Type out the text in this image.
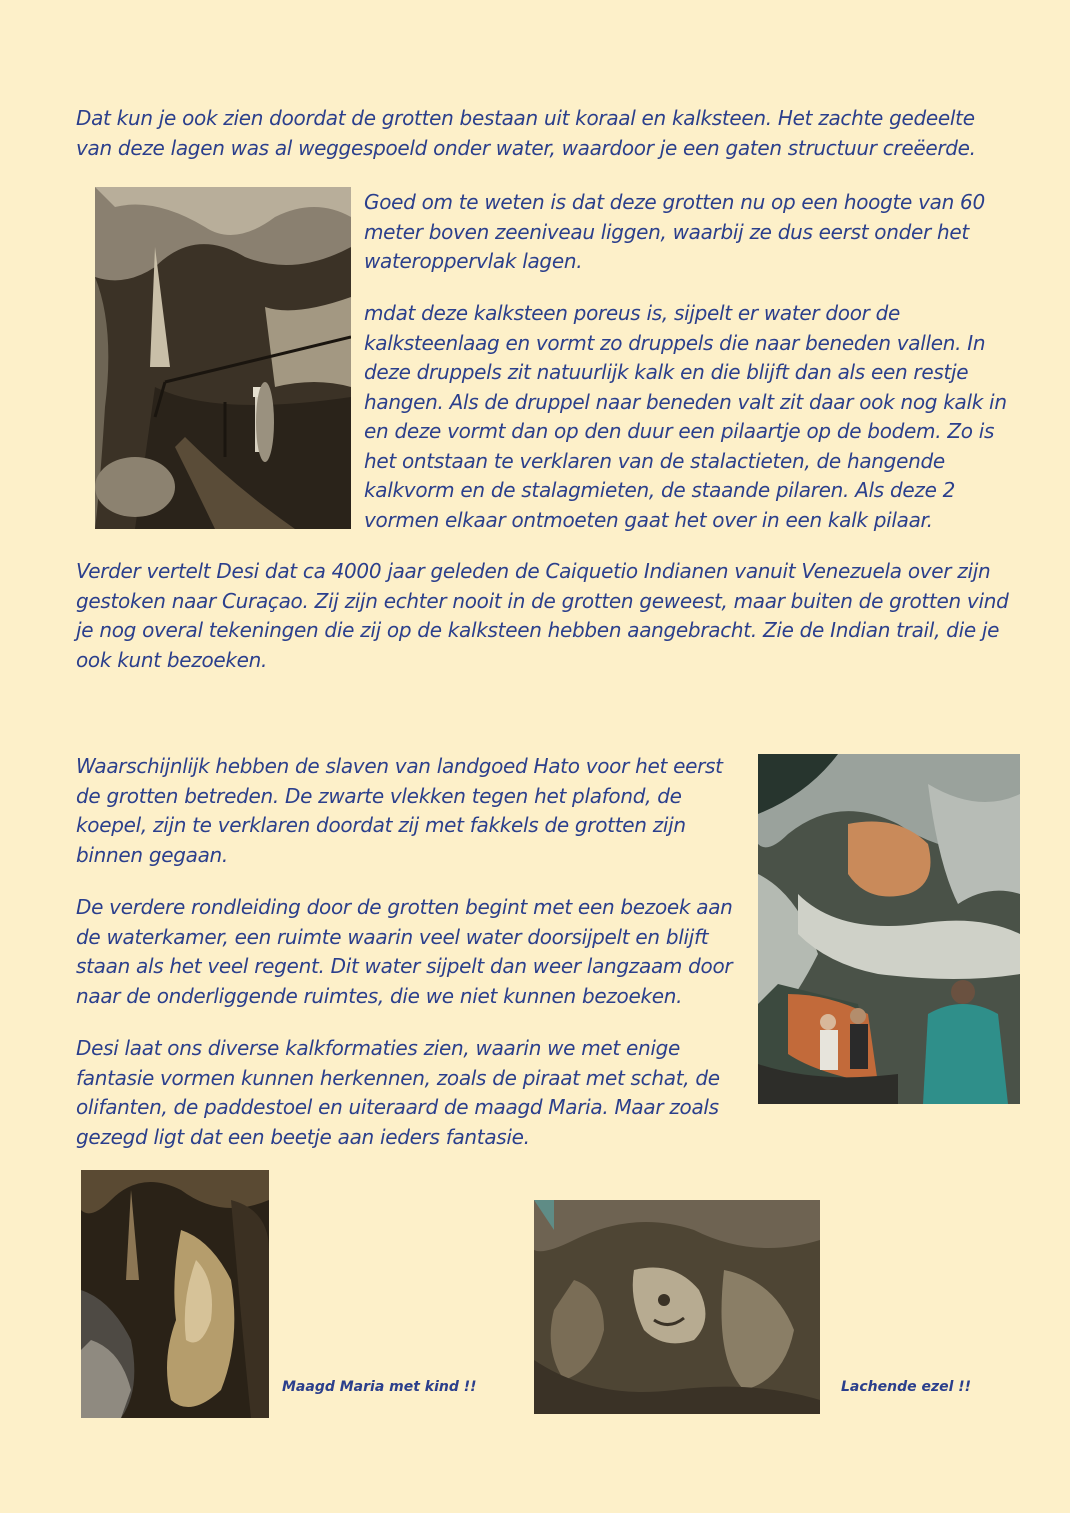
Dat kun je ook zien doordat de grotten bestaan uit koraal en kalksteen. Het zachte gedeelte van deze lagen was al weggespoeld onder water, waardoor je een gaten structuur creëerde.

Goed om te weten is dat deze grotten nu op een hoogte van 60 meter boven zeeniveau liggen, waarbij ze dus eerst onder het wateroppervlak lagen.

mdat deze kalksteen poreus is, sijpelt er water door de kalksteenlaag en vormt zo druppels die naar beneden vallen. In deze druppels zit natuurlijk kalk en die blijft dan als een restje hangen. Als de druppel naar beneden valt zit daar ook nog kalk in en deze vormt dan op den duur een pilaartje op de bodem. Zo is het ontstaan te verklaren van de stalactieten, de hangende kalkvorm en de stalagmieten, de staande pilaren. Als deze 2 vormen elkaar ontmoeten gaat het over in een kalk pilaar.

Verder vertelt Desi dat ca 4000 jaar geleden de Caiquetio Indianen vanuit Venezuela over zijn gestoken naar Curaçao. Zij zijn echter nooit in de grotten geweest, maar buiten de grotten vind je nog overal tekeningen die zij op de kalksteen hebben aangebracht. Zie de Indian trail, die je ook kunt bezoeken.

Waarschijnlijk hebben de slaven van landgoed Hato voor het eerst de grotten betreden. De zwarte vlekken tegen het plafond, de koepel, zijn te verklaren doordat zij met fakkels de grotten zijn binnen gegaan.

De verdere rondleiding door de grotten begint met een bezoek aan de waterkamer, een ruimte waarin veel water doorsijpelt en blijft staan als het veel regent. Dit water sijpelt dan weer langzaam door naar de onderliggende ruimtes, die we niet kunnen bezoeken.

Desi laat ons diverse kalkformaties zien, waarin we met enige fantasie vormen kunnen herkennen, zoals de piraat met schat, de olifanten, de paddestoel en uiteraard de maagd Maria. Maar zoals gezegd ligt dat een beetje aan ieders fantasie.

Maagd Maria met kind !!	Lachende ezel !!
